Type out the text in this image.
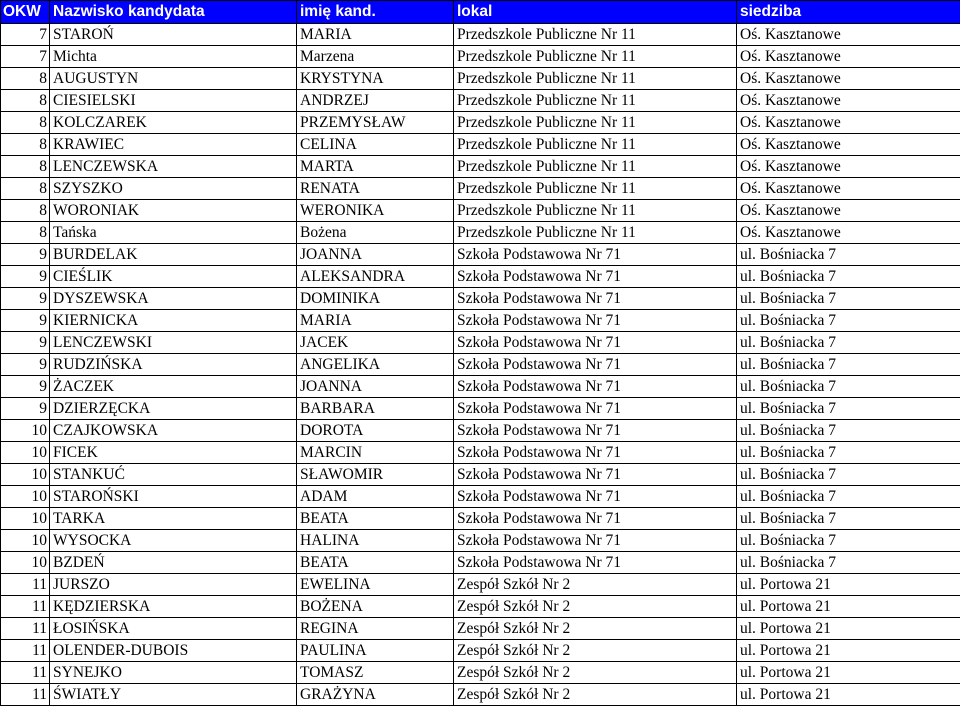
OKW	Nazwisko kandydata	imię kand.	lokal	siedziba
7	STAROŃ	MARIA	Przedszkole Publiczne Nr 11	Oś. Kasztanowe
7	Michta	Marzena	Przedszkole Publiczne Nr 11	Oś. Kasztanowe
8	AUGUSTYN	KRYSTYNA	Przedszkole Publiczne Nr 11	Oś. Kasztanowe
8	CIESIELSKI	ANDRZEJ	Przedszkole Publiczne Nr 11	Oś. Kasztanowe
8	KOLCZAREK	PRZEMYSŁAW	Przedszkole Publiczne Nr 11	Oś. Kasztanowe
8	KRAWIEC	CELINA	Przedszkole Publiczne Nr 11	Oś. Kasztanowe
8	LENCZEWSKA	MARTA	Przedszkole Publiczne Nr 11	Oś. Kasztanowe
8	SZYSZKO	RENATA	Przedszkole Publiczne Nr 11	Oś. Kasztanowe
8	WORONIAK	WERONIKA	Przedszkole Publiczne Nr 11	Oś. Kasztanowe
8	Tańska	Bożena	Przedszkole Publiczne Nr 11	Oś. Kasztanowe
9	BURDELAK	JOANNA	Szkoła Podstawowa Nr 71	ul. Bośniacka 7
9	CIEŚLIK	ALEKSANDRA	Szkoła Podstawowa Nr 71	ul. Bośniacka 7
9	DYSZEWSKA	DOMINIKA	Szkoła Podstawowa Nr 71	ul. Bośniacka 7
9	KIERNICKA	MARIA	Szkoła Podstawowa Nr 71	ul. Bośniacka 7
9	LENCZEWSKI	JACEK	Szkoła Podstawowa Nr 71	ul. Bośniacka 7
9	RUDZIŃSKA	ANGELIKA	Szkoła Podstawowa Nr 71	ul. Bośniacka 7
9	ŻACZEK	JOANNA	Szkoła Podstawowa Nr 71	ul. Bośniacka 7
9	DZIERZĘCKA	BARBARA	Szkoła Podstawowa Nr 71	ul. Bośniacka 7
10	CZAJKOWSKA	DOROTA	Szkoła Podstawowa Nr 71	ul. Bośniacka 7
10	FICEK	MARCIN	Szkoła Podstawowa Nr 71	ul. Bośniacka 7
10	STANKUĆ	SŁAWOMIR	Szkoła Podstawowa Nr 71	ul. Bośniacka 7
10	STAROŃSKI	ADAM	Szkoła Podstawowa Nr 71	ul. Bośniacka 7
10	TARKA	BEATA	Szkoła Podstawowa Nr 71	ul. Bośniacka 7
10	WYSOCKA	HALINA	Szkoła Podstawowa Nr 71	ul. Bośniacka 7
10	BZDEŃ	BEATA	Szkoła Podstawowa Nr 71	ul. Bośniacka 7
11	JURSZO	EWELINA	Zespół Szkół Nr 2	ul. Portowa 21
11	KĘDZIERSKA	BOŻENA	Zespół Szkół Nr 2	ul. Portowa 21
11	ŁOSIŃSKA	REGINA	Zespół Szkół Nr 2	ul. Portowa 21
11	OLENDER-DUBOIS	PAULINA	Zespół Szkół Nr 2	ul. Portowa 21
11	SYNEJKO	TOMASZ	Zespół Szkół Nr 2	ul. Portowa 21
11	ŚWIATŁY	GRAŻYNA	Zespół Szkół Nr 2	ul. Portowa 21
